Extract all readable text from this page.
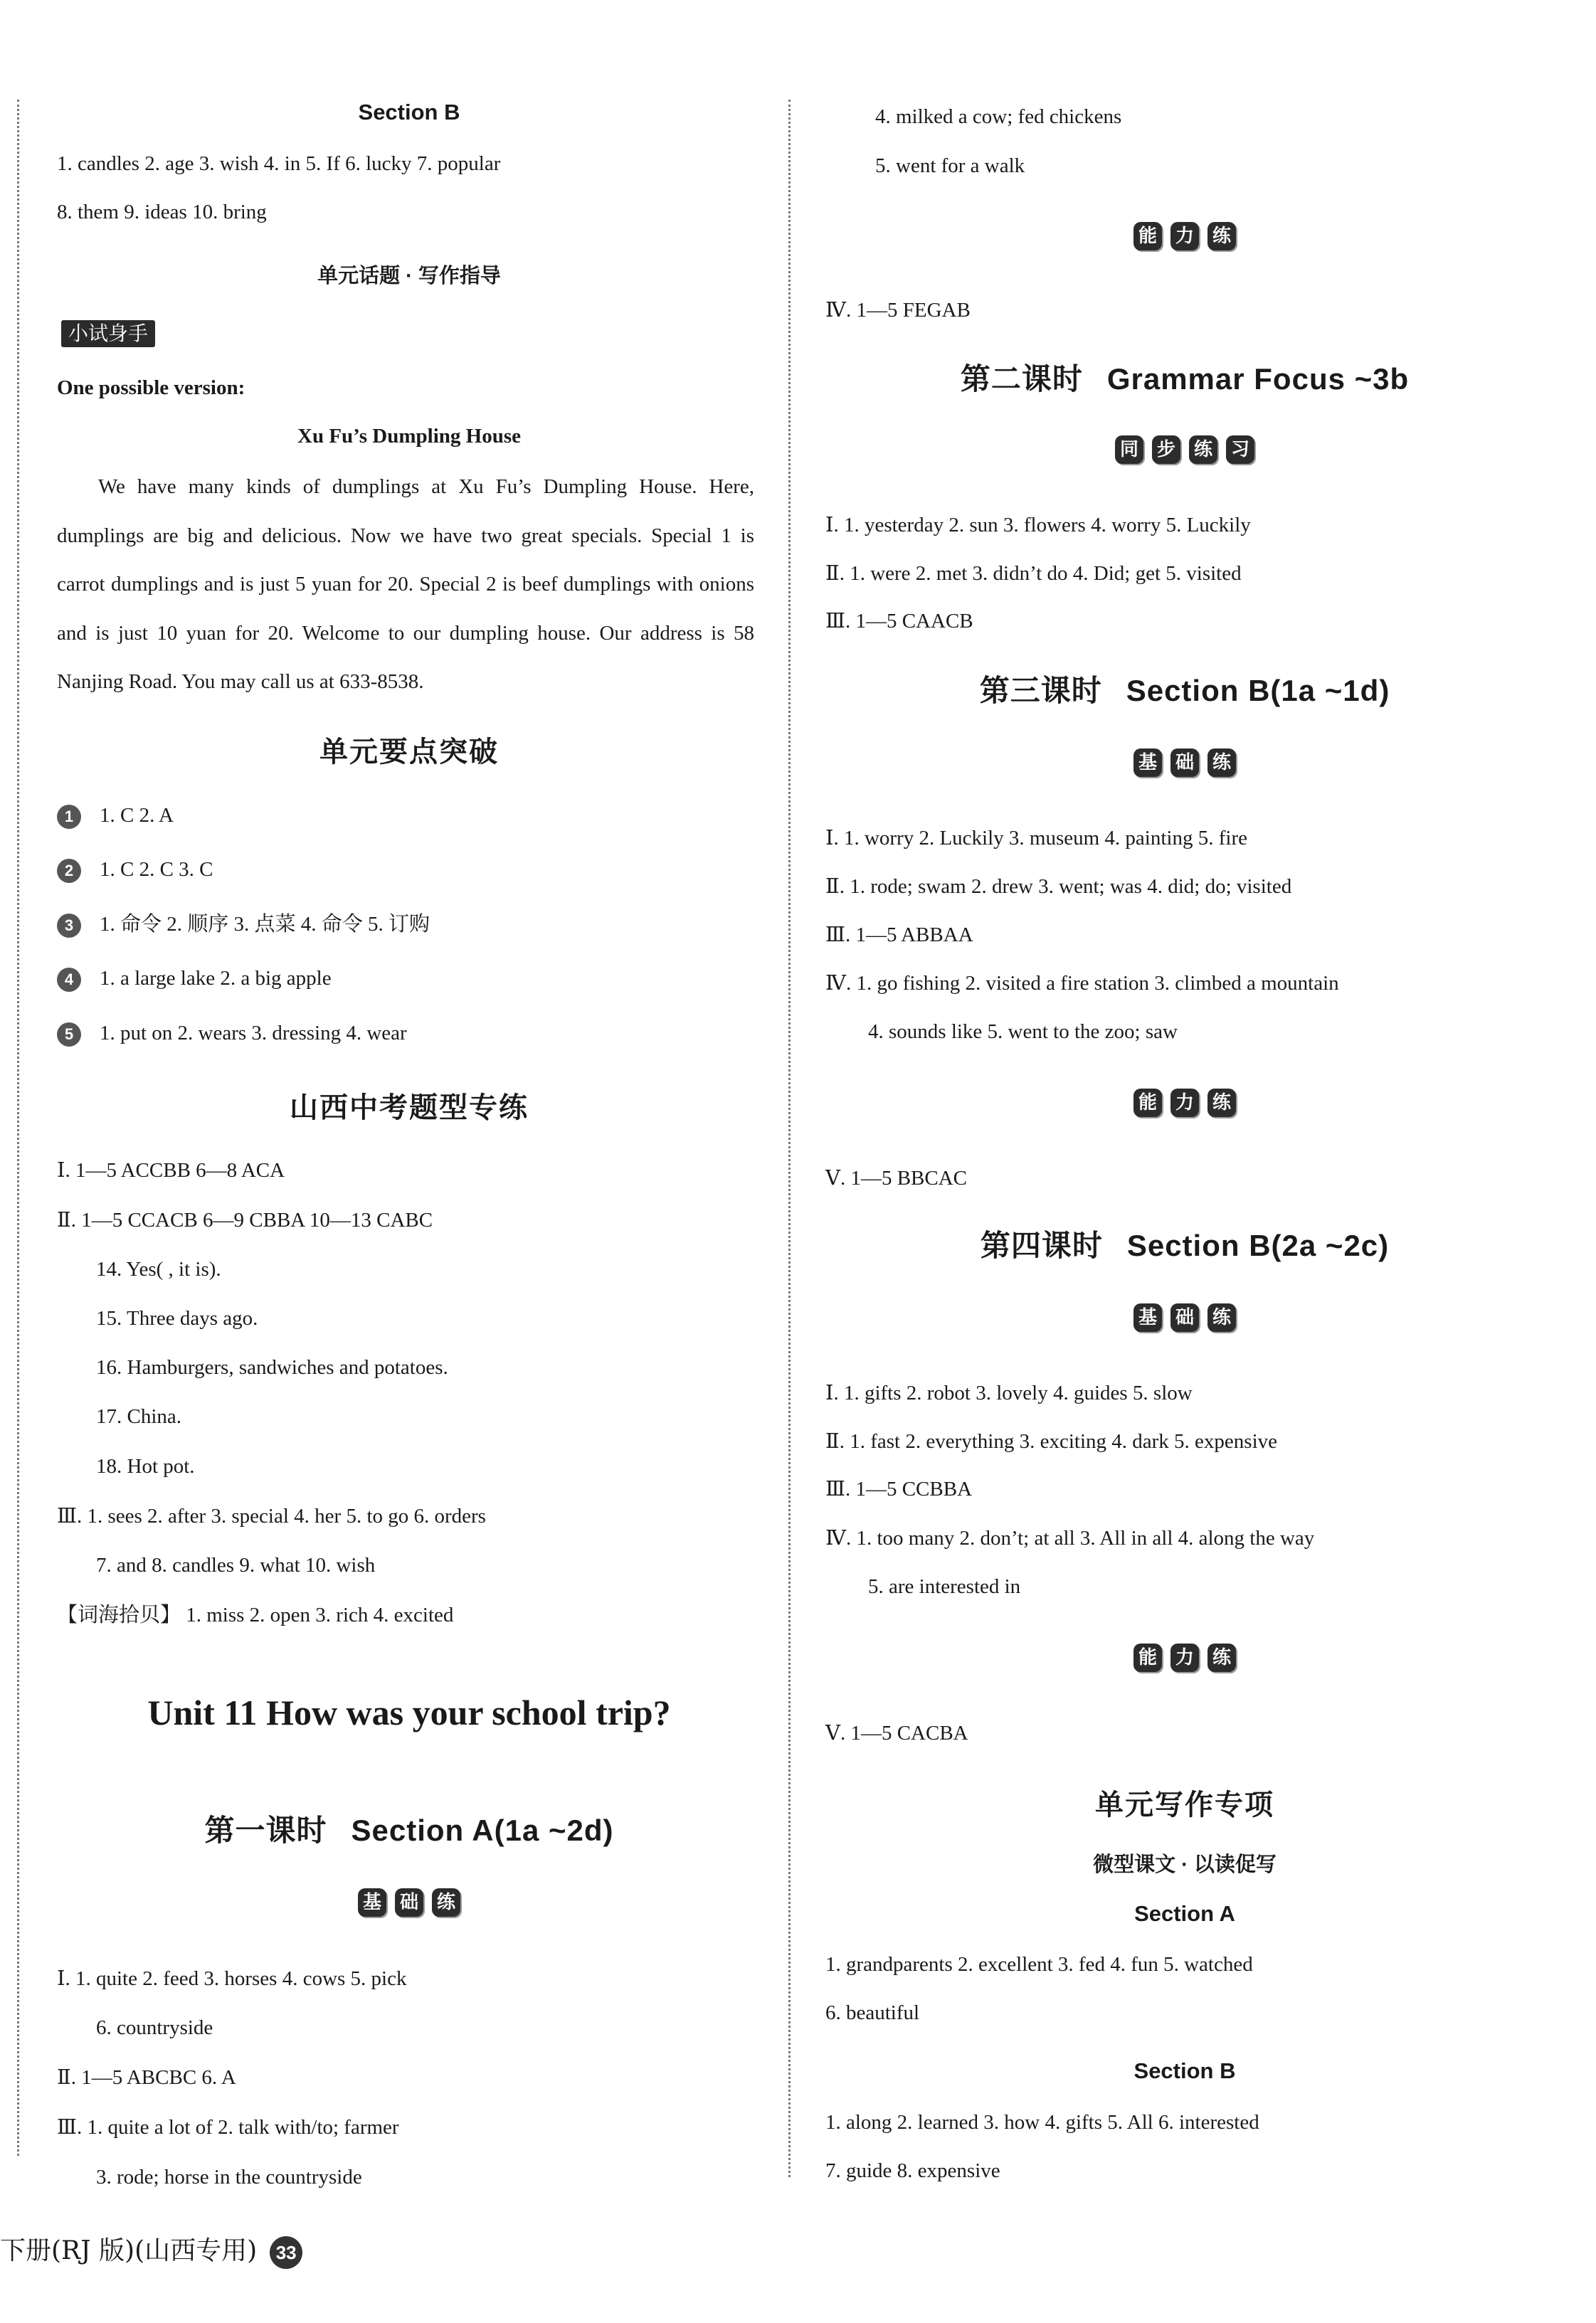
Section B
1. candles 2. age 3. wish 4. in 5. If 6. lucky 7. popular
8. them 9. ideas 10. bring
单元话题 · 写作指导
小试身手
One possible version:
Xu Fu’s Dumpling House
We have many kinds of dumplings at Xu Fu’s Dumpling House. Here, dumplings are big and delicious. Now we have two great specials. Special 1 is carrot dumplings and is just 5 yuan for 20. Special 2 is beef dumplings with onions and is just 10 yuan for 20. Welcome to our dumpling house. Our address is 58 Nanjing Road. You may call us at 633-8538.
单元要点突破
1 1. C 2. A
2 1. C 2. C 3. C
3 1. 命令 2. 顺序 3. 点菜 4. 命令 5. 订购
4 1. a large lake 2. a big apple
5 1. put on 2. wears 3. dressing 4. wear
山西中考题型专练
Ⅰ. 1—5 ACCBB 6—8 ACA
Ⅱ. 1—5 CCACB 6—9 CBBA 10—13 CABC
14. Yes( , it is).
15. Three days ago.
16. Hamburgers, sandwiches and potatoes.
17. China.
18. Hot pot.
Ⅲ. 1. sees 2. after 3. special 4. her 5. to go 6. orders
7. and 8. candles 9. what 10. wish
【词海拾贝】 1. miss 2. open 3. rich 4. excited
Unit 11 How was your school trip?
第一课时 Section A(1a ~2d)
基 础 练
Ⅰ. 1. quite 2. feed 3. horses 4. cows 5. pick
6. countryside
Ⅱ. 1—5 ABCBC 6. A
Ⅲ. 1. quite a lot of 2. talk with/to; farmer
3. rode; horse in the countryside
下册(RJ 版)(山西专用) 33
4. milked a cow; fed chickens
5. went for a walk
能 力 练
Ⅳ. 1—5 FEGAB
第二课时 Grammar Focus ~3b
同 步 练 习
Ⅰ. 1. yesterday 2. sun 3. flowers 4. worry 5. Luckily
Ⅱ. 1. were 2. met 3. didn’t do 4. Did; get 5. visited
Ⅲ. 1—5 CAACB
第三课时 Section B(1a ~1d)
基 础 练
Ⅰ. 1. worry 2. Luckily 3. museum 4. painting 5. fire
Ⅱ. 1. rode; swam 2. drew 3. went; was 4. did; do; visited
Ⅲ. 1—5 ABBAA
Ⅳ. 1. go fishing 2. visited a fire station 3. climbed a mountain
4. sounds like 5. went to the zoo; saw
能 力 练
Ⅴ. 1—5 BBCAC
第四课时 Section B(2a ~2c)
基 础 练
Ⅰ. 1. gifts 2. robot 3. lovely 4. guides 5. slow
Ⅱ. 1. fast 2. everything 3. exciting 4. dark 5. expensive
Ⅲ. 1—5 CCBBA
Ⅳ. 1. too many 2. don’t; at all 3. All in all 4. along the way
5. are interested in
能 力 练
Ⅴ. 1—5 CACBA
单元写作专项
微型课文 · 以读促写
Section A
1. grandparents 2. excellent 3. fed 4. fun 5. watched
6. beautiful
Section B
1. along 2. learned 3. how 4. gifts 5. All 6. interested
7. guide 8. expensive
